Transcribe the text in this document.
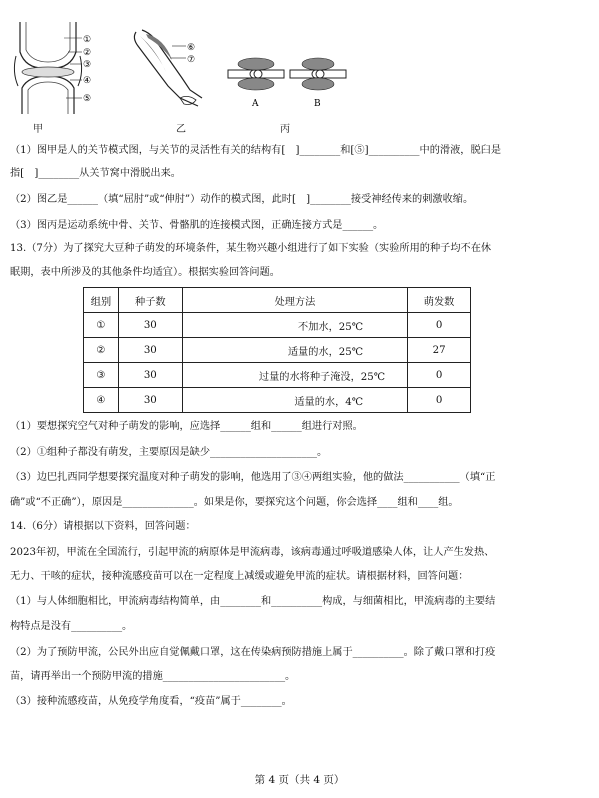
①
②
③
④
⑤
⑥
⑦
A	B
甲	乙	丙
（1）图甲是人的关节模式图，与关节的灵活性有关的结构有[　]________和[⑤]__________中的滑液，脱臼是
指[　]________从关节窝中滑脱出来。
（2）图乙是______（填“屈肘”或“伸肘”）动作的模式图，此时[　]________接受神经传来的刺激收缩。
（3）图丙是运动系统中骨、关节、骨骼肌的连接模式图，正确连接方式是______。
13.（7分）为了探究大豆种子萌发的环境条件，某生物兴趣小组进行了如下实验（实验所用的种子均不在休
眠期，表中所涉及的其他条件均适宜）。根据实验回答问题。
组别	种子数	处理方法	萌发数
①	30	不加水，25℃	0
②	30	适量的水，25℃	27
③	30	过量的水将种子淹没，25℃	0
④	30	适量的水，4℃	0
（1）要想探究空气对种子萌发的影响，应选择______组和______组进行对照。
（2）①组种子都没有萌发，主要原因是缺少_____________________。
（3）边巴扎西同学想要探究温度对种子萌发的影响，他选用了③④两组实验，他的做法___________（填“正
确”或“不正确”），原因是______________。如果是你，要探究这个问题，你会选择____组和____组。
14.（6分）请根据以下资料，回答问题：
2023年初，甲流在全国流行，引起甲流的病原体是甲流病毒，该病毒通过呼吸道感染人体，让人产生发热、
无力、干咳的症状，接种流感疫苗可以在一定程度上减缓或避免甲流的症状。请根据材料，回答问题：
（1）与人体细胞相比，甲流病毒结构简单，由________和__________构成，与细菌相比，甲流病毒的主要结
构特点是没有__________。
（2）为了预防甲流，公民外出应自觉佩戴口罩，这在传染病预防措施上属于__________。除了戴口罩和打疫
苗，请再举出一个预防甲流的措施________________________。
（3）接种流感疫苗，从免疫学角度看，“疫苗”属于________。
第 4 页（共 4 页）
